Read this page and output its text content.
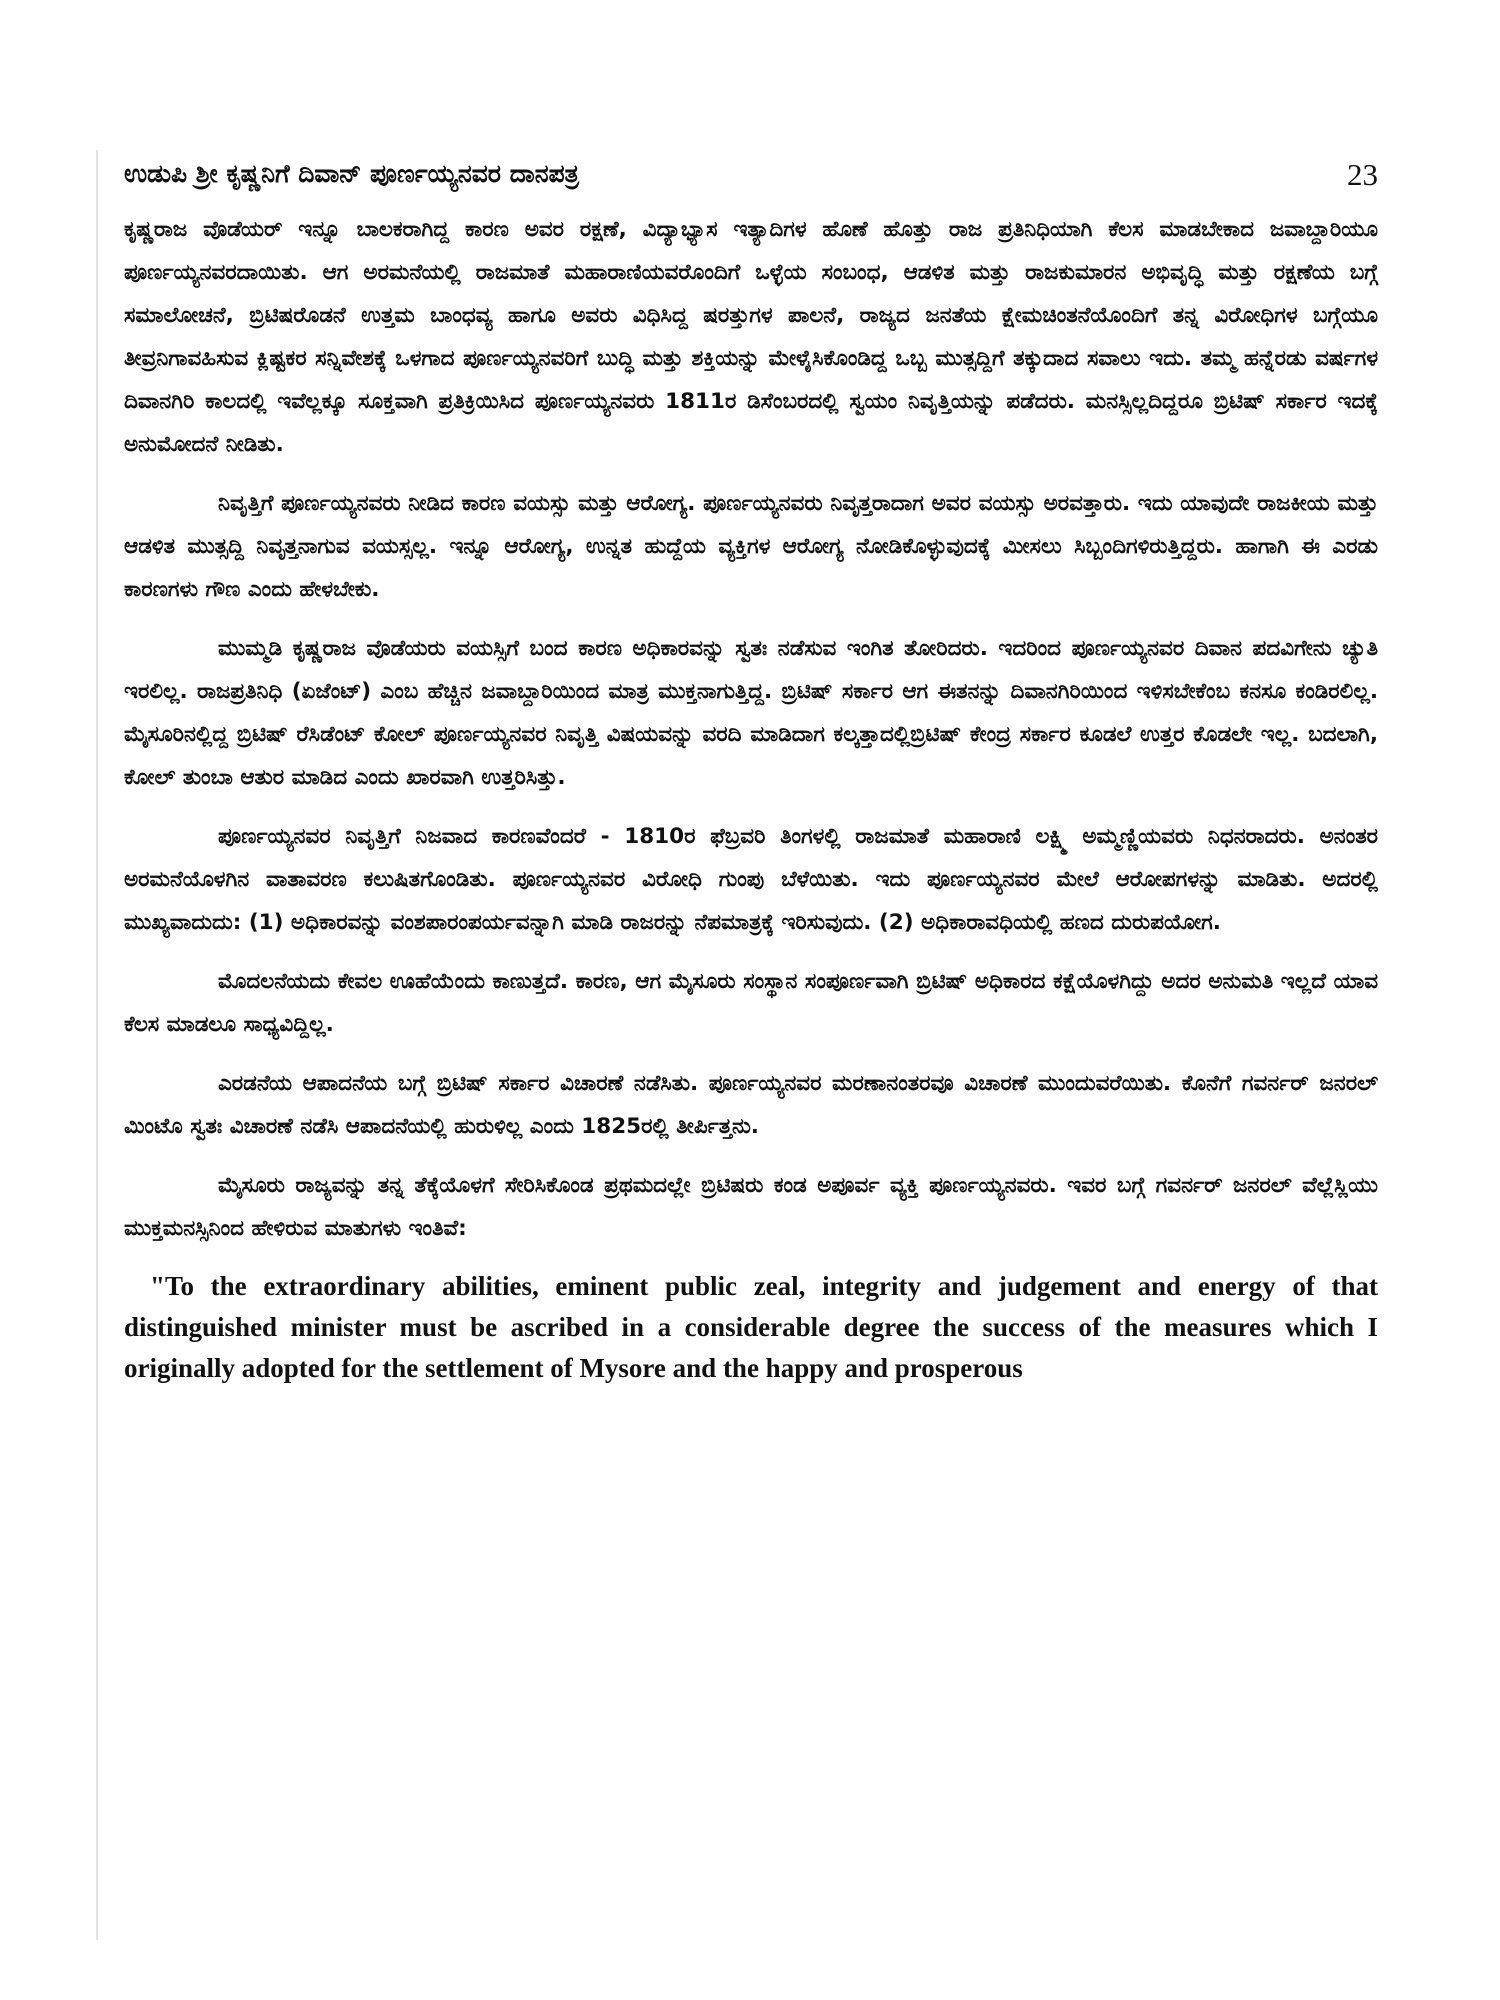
ಉಡುಪಿ ಶ್ರೀ ಕೃಷ್ಣನಿಗೆ ದಿವಾನ್ ಪೂರ್ಣಯ್ಯನವರ ದಾನಪತ್ರ	23

ಕೃಷ್ಣರಾಜ ವೊಡೆಯರ್ ಇನ್ನೂ ಬಾಲಕರಾಗಿದ್ದ ಕಾರಣ ಅವರ ರಕ್ಷಣೆ, ವಿದ್ಯಾಭ್ಯಾಸ ಇತ್ಯಾದಿಗಳ ಹೊಣೆ ಹೊತ್ತು ರಾಜ ಪ್ರತಿನಿಧಿಯಾಗಿ ಕೆಲಸ ಮಾಡಬೇಕಾದ ಜವಾಬ್ದಾರಿಯೂ ಪೂರ್ಣಯ್ಯನವರದಾಯಿತು. ಆಗ ಅರಮನೆಯಲ್ಲಿ ರಾಜಮಾತೆ ಮಹಾರಾಣಿಯವರೊಂದಿಗೆ ಒಳ್ಳೆಯ ಸಂಬಂಧ, ಆಡಳಿತ ಮತ್ತು ರಾಜಕುಮಾರನ ಅಭಿವೃದ್ಧಿ ಮತ್ತು ರಕ್ಷಣೆಯ ಬಗ್ಗೆ ಸಮಾಲೋಚನೆ, ಬ್ರಿಟಿಷರೊಡನೆ ಉತ್ತಮ ಬಾಂಧವ್ಯ ಹಾಗೂ ಅವರು ವಿಧಿಸಿದ್ದ ಷರತ್ತುಗಳ ಪಾಲನೆ, ರಾಜ್ಯದ ಜನತೆಯ ಕ್ಷೇಮಚಿಂತನೆಯೊಂದಿಗೆ ತನ್ನ ವಿರೋಧಿಗಳ ಬಗ್ಗೆಯೂ ತೀವ್ರನಿಗಾವಹಿಸುವ ಕ್ಲಿಷ್ಟಕರ ಸನ್ನಿವೇಶಕ್ಕೆ ಒಳಗಾದ ಪೂರ್ಣಯ್ಯನವರಿಗೆ ಬುದ್ಧಿ ಮತ್ತು ಶಕ್ತಿಯನ್ನು ಮೇಳೈಸಿಕೊಂಡಿದ್ದ ಒಬ್ಬ ಮುತ್ಸದ್ದಿಗೆ ತಕ್ಕುದಾದ ಸವಾಲು ಇದು. ತಮ್ಮ ಹನ್ನೆರಡು ವರ್ಷಗಳ ದಿವಾನಗಿರಿ ಕಾಲದಲ್ಲಿ ಇವೆಲ್ಲಕ್ಕೂ ಸೂಕ್ತವಾಗಿ ಪ್ರತಿಕ್ರಿಯಿಸಿದ ಪೂರ್ಣಯ್ಯನವರು 1811ರ ಡಿಸೆಂಬರದಲ್ಲಿ ಸ್ವಯಂ ನಿವೃತ್ತಿಯನ್ನು ಪಡೆದರು. ಮನಸ್ಸಿಲ್ಲದಿದ್ದರೂ ಬ್ರಿಟಿಷ್ ಸರ್ಕಾರ ಇದಕ್ಕೆ ಅನುಮೋದನೆ ನೀಡಿತು.

ನಿವೃತ್ತಿಗೆ ಪೂರ್ಣಯ್ಯನವರು ನೀಡಿದ ಕಾರಣ ವಯಸ್ಸು ಮತ್ತು ಆರೋಗ್ಯ. ಪೂರ್ಣಯ್ಯನವರು ನಿವೃತ್ತರಾದಾಗ ಅವರ ವಯಸ್ಸು ಅರವತ್ತಾರು. ಇದು ಯಾವುದೇ ರಾಜಕೀಯ ಮತ್ತು ಆಡಳಿತ ಮುತ್ಸದ್ದಿ ನಿವೃತ್ತನಾಗುವ ವಯಸ್ಸಲ್ಲ. ಇನ್ನೂ ಆರೋಗ್ಯ, ಉನ್ನತ ಹುದ್ದೆಯ ವ್ಯಕ್ತಿಗಳ ಆರೋಗ್ಯ ನೋಡಿಕೊಳ್ಳುವುದಕ್ಕೆ ಮೀಸಲು ಸಿಬ್ಬಂದಿಗಳಿರುತ್ತಿದ್ದರು. ಹಾಗಾಗಿ ಈ ಎರಡು ಕಾರಣಗಳು ಗೌಣ ಎಂದು ಹೇಳಬೇಕು.

ಮುಮ್ಮಡಿ ಕೃಷ್ಣರಾಜ ವೊಡೆಯರು ವಯಸ್ಸಿಗೆ ಬಂದ ಕಾರಣ ಅಧಿಕಾರವನ್ನು ಸ್ವತಃ ನಡೆಸುವ ಇಂಗಿತ ತೋರಿದರು. ಇದರಿಂದ ಪೂರ್ಣಯ್ಯನವರ ದಿವಾನ ಪದವಿಗೇನು ಚ್ಯುತಿ ಇರಲಿಲ್ಲ. ರಾಜಪ್ರತಿನಿಧಿ (ಏಜೆಂಟ್) ಎಂಬ ಹೆಚ್ಚಿನ ಜವಾಬ್ದಾರಿಯಿಂದ ಮಾತ್ರ ಮುಕ್ತನಾಗುತ್ತಿದ್ದ. ಬ್ರಿಟಿಷ್ ಸರ್ಕಾರ ಆಗ ಈತನನ್ನು ದಿವಾನಗಿರಿಯಿಂದ ಇಳಿಸಬೇಕೆಂಬ ಕನಸೂ ಕಂಡಿರಲಿಲ್ಲ. ಮೈಸೂರಿನಲ್ಲಿದ್ದ ಬ್ರಿಟಿಷ್ ರೆಸಿಡೆಂಟ್ ಕೋಲ್ ಪೂರ್ಣಯ್ಯನವರ ನಿವೃತ್ತಿ ವಿಷಯವನ್ನು ವರದಿ ಮಾಡಿದಾಗ ಕಲ್ಕತ್ತಾದಲ್ಲಿಬ್ರಿಟಿಷ್ ಕೇಂದ್ರ ಸರ್ಕಾರ ಕೂಡಲೆ ಉತ್ತರ ಕೊಡಲೇ ಇಲ್ಲ. ಬದಲಾಗಿ, ಕೋಲ್ ತುಂಬಾ ಆತುರ ಮಾಡಿದ ಎಂದು ಖಾರವಾಗಿ ಉತ್ತರಿಸಿತ್ತು.

ಪೂರ್ಣಯ್ಯನವರ ನಿವೃತ್ತಿಗೆ ನಿಜವಾದ ಕಾರಣವೆಂದರೆ - 1810ರ ಫೆಬ್ರವರಿ ತಿಂಗಳಲ್ಲಿ ರಾಜಮಾತೆ ಮಹಾರಾಣಿ ಲಕ್ಷ್ಮಿ ಅಮ್ಮಣ್ಣಿಯವರು ನಿಧನರಾದರು. ಅನಂತರ ಅರಮನೆಯೊಳಗಿನ ವಾತಾವರಣ ಕಲುಷಿತಗೊಂಡಿತು. ಪೂರ್ಣಯ್ಯನವರ ವಿರೋಧಿ ಗುಂಪು ಬೆಳೆಯಿತು. ಇದು ಪೂರ್ಣಯ್ಯನವರ ಮೇಲೆ ಆರೋಪಗಳನ್ನು ಮಾಡಿತು. ಅದರಲ್ಲಿ ಮುಖ್ಯವಾದುದು: (1) ಅಧಿಕಾರವನ್ನು ವಂಶಪಾರಂಪರ್ಯವನ್ನಾಗಿ ಮಾಡಿ ರಾಜರನ್ನು ನೆಪಮಾತ್ರಕ್ಕೆ ಇರಿಸುವುದು. (2) ಅಧಿಕಾರಾವಧಿಯಲ್ಲಿ ಹಣದ ದುರುಪಯೋಗ.

ಮೊದಲನೆಯದು ಕೇವಲ ಊಹೆಯೆಂದು ಕಾಣುತ್ತದೆ. ಕಾರಣ, ಆಗ ಮೈಸೂರು ಸಂಸ್ಥಾನ ಸಂಪೂರ್ಣವಾಗಿ ಬ್ರಿಟಿಷ್ ಅಧಿಕಾರದ ಕಕ್ಷೆಯೊಳಗಿದ್ದು ಅದರ ಅನುಮತಿ ಇಲ್ಲದೆ ಯಾವ ಕೆಲಸ ಮಾಡಲೂ ಸಾಧ್ಯವಿದ್ದಿಲ್ಲ.

ಎರಡನೆಯ ಆಪಾದನೆಯ ಬಗ್ಗೆ ಬ್ರಿಟಿಷ್ ಸರ್ಕಾರ ವಿಚಾರಣೆ ನಡೆಸಿತು. ಪೂರ್ಣಯ್ಯನವರ ಮರಣಾನಂತರವೂ ವಿಚಾರಣೆ ಮುಂದುವರೆಯಿತು. ಕೊನೆಗೆ ಗವರ್ನರ್ ಜನರಲ್ ಮಿಂಟೊ ಸ್ವತಃ ವಿಚಾರಣೆ ನಡೆಸಿ ಆಪಾದನೆಯಲ್ಲಿ ಹುರುಳಿಲ್ಲ ಎಂದು 1825ರಲ್ಲಿ ತೀರ್ಪಿತ್ತನು.

ಮೈಸೂರು ರಾಜ್ಯವನ್ನು ತನ್ನ ತೆಕ್ಕೆಯೊಳಗೆ ಸೇರಿಸಿಕೊಂಡ ಪ್ರಥಮದಲ್ಲೇ ಬ್ರಿಟಿಷರು ಕಂಡ ಅಪೂರ್ವ ವ್ಯಕ್ತಿ ಪೂರ್ಣಯ್ಯನವರು. ಇವರ ಬಗ್ಗೆ ಗವರ್ನರ್ ಜನರಲ್ ವೆಲ್ಲೆಸ್ಲಿಯು ಮುಕ್ತಮನಸ್ಸಿನಿಂದ ಹೇಳಿರುವ ಮಾತುಗಳು ಇಂತಿವೆ:

"To the extraordinary abilities, eminent public zeal, integrity and judgement and energy of that distinguished minister must be ascribed in a considerable degree the success of the measures which I originally adopted for the settlement of Mysore and the happy and prosperous
